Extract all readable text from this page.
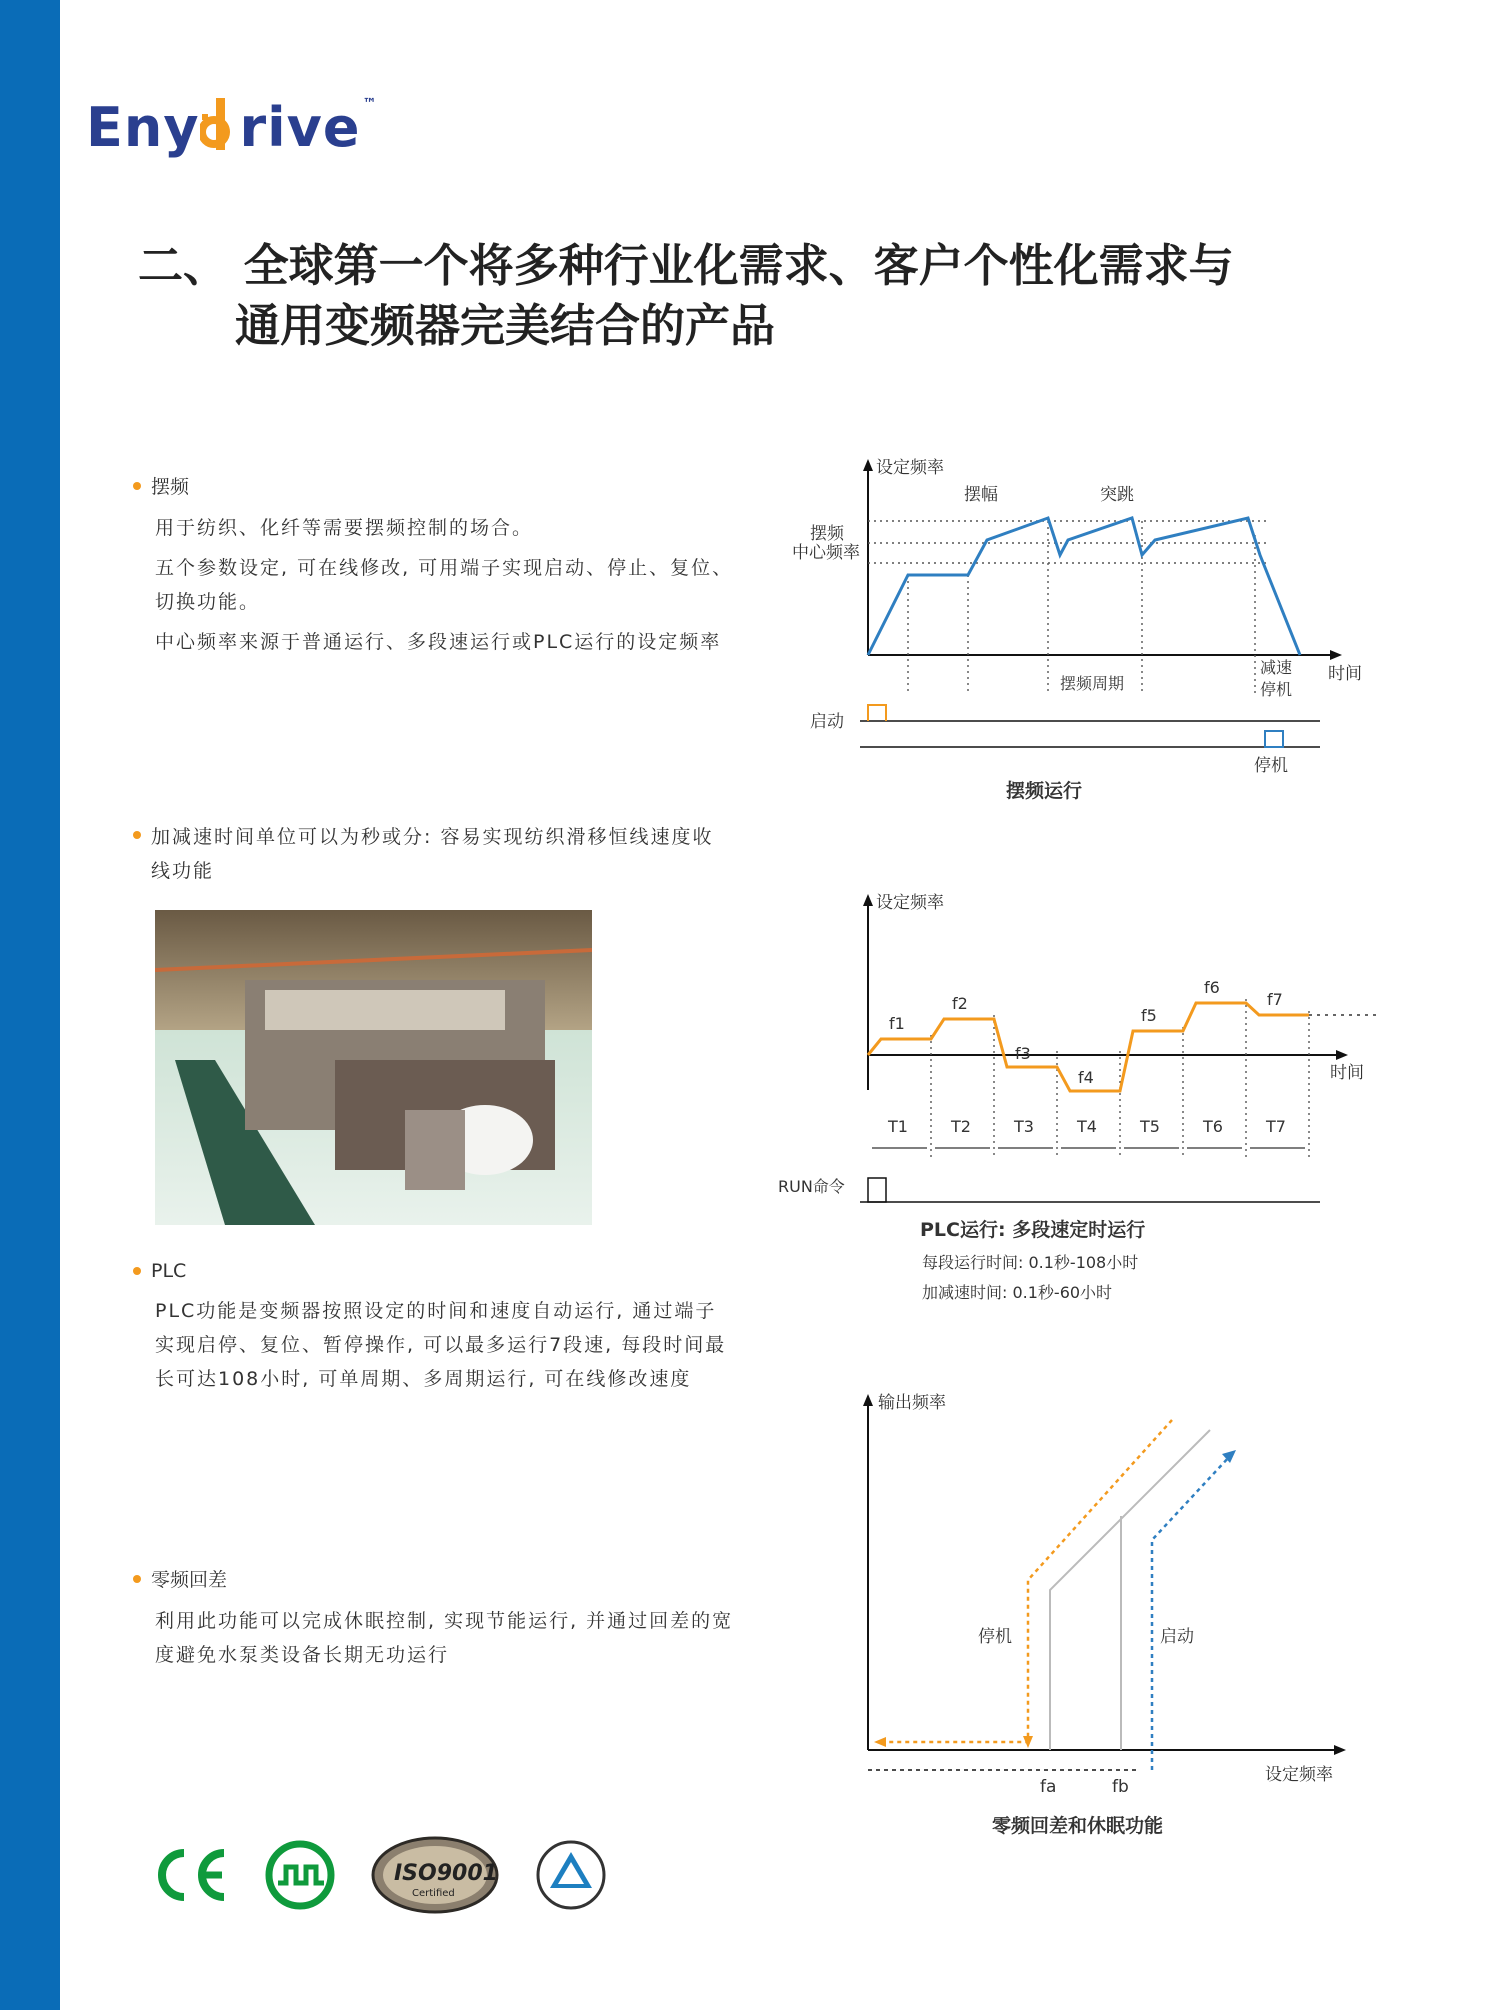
Eny rive ™
二、 全球第一个将多种行业化需求、客户个性化需求与
通用变频器完美结合的产品
摆频

用于纺织、化纤等需要摆频控制的场合。

五个参数设定, 可在线修改, 可用端子实现启动、停止、复位、切换功能。

中心频率来源于普通运行、多段速运行或PLC运行的设定频率

加减速时间单位可以为秒或分: 容易实现纺织滑移恒线速度收线功能
PLC

PLC功能是变频器按照设定的时间和速度自动运行, 通过端子实现启停、复位、暂停操作, 可以最多运行7段速, 每段时间最长可达108小时, 可单周期、多周期运行, 可在线修改速度

零频回差

利用此功能可以完成休眠控制, 实现节能运行, 并通过回差的宽度避免水泵类设备长期无功运行

设定频率
时间
摆幅	突跳
摆频
中心频率
摆频周期
减速
停机
启动
停机
摆频运行
设定频率
时间
f1
T1
f2
T2
f3
T3
f4
T4
f5
T5
f6
T6
f7
T7
RUN命令
PLC运行: 多段速定时运行
每段运行时间: 0.1秒-108小时
加减速时间: 0.1秒-60小时
输出频率
设定频率
停机	启动
fa	fb
零频回差和休眠功能
ISO9001
Certified
